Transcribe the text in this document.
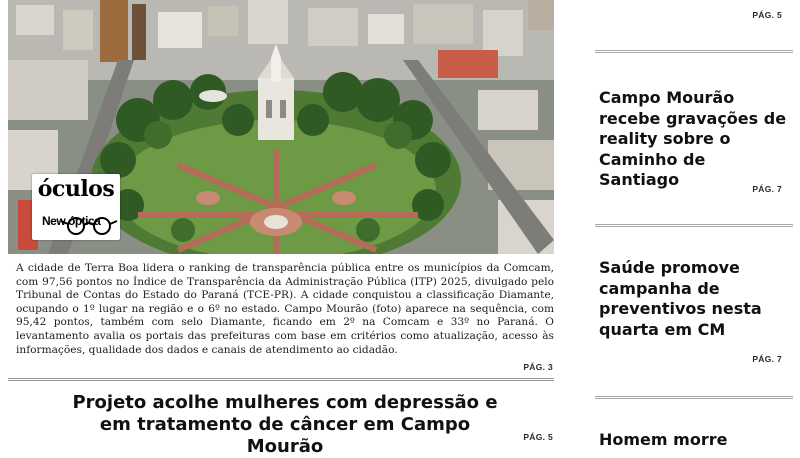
óculos
New óptica
A cidade de Terra Boa lidera o ranking de transparência pública entre os municípios da Comcam, com 97,56 pontos no Índice de Transparência da Administração Pública (ITP) 2025, divulgado pelo Tribunal de Contas do Estado do Paraná (TCE-PR). A cidade conquistou a classificação Diamante, ocupando o 1º lugar na região e o 6º no estado. Campo Mourão (foto) aparece na sequência, com 95,42 pontos, também com selo Diamante, ficando em 2º na Comcam e 33º no Paraná. O levantamento avalia os portais das prefeituras com base em critérios como atualização, acesso às informações, qualidade dos dados e canais de atendimento ao cidadão.
PÁG. 3
Projeto acolhe mulheres com depressão e em tratamento de câncer em Campo Mourão	PÁG. 5
PÁG. 5
Campo Mourão recebe gravações de reality sobre o Caminho de Santiago	PÁG. 7
Saúde promove campanha de preventivos nesta quarta em CM
PÁG. 7
Homem morre
